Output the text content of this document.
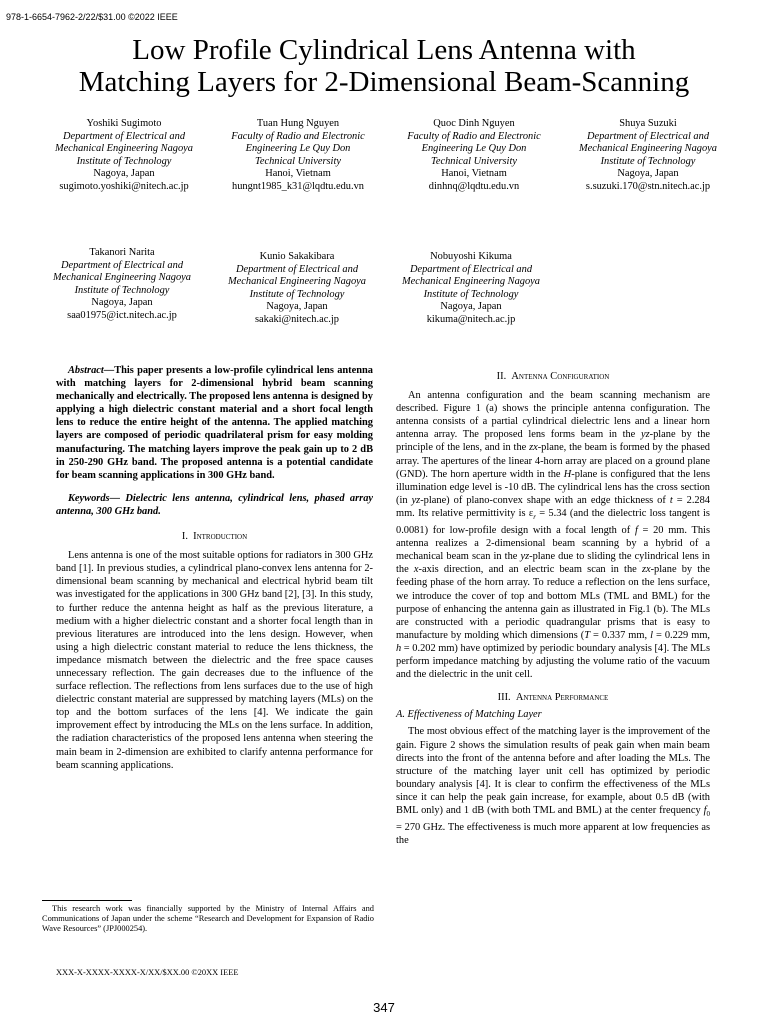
978-1-6654-7962-2/22/$31.00 ©2022 IEEE
Low Profile Cylindrical Lens Antenna with
Matching Layers for 2-Dimensional Beam-Scanning
Yoshiki Sugimoto
Department of Electrical and Mechanical Engineering Nagoya Institute of Technology
Nagoya, Japan
sugimoto.yoshiki@nitech.ac.jp
Tuan Hung Nguyen
Faculty of Radio and Electronic Engineering Le Quy Don Technical University
Hanoi, Vietnam
hungnt1985_k31@lqdtu.edu.vn
Quoc Dinh Nguyen
Faculty of Radio and Electronic Engineering Le Quy Don Technical University
Hanoi, Vietnam
dinhnq@lqdtu.edu.vn
Shuya Suzuki
Department of Electrical and Mechanical Engineering Nagoya Institute of Technology
Nagoya, Japan
s.suzuki.170@stn.nitech.ac.jp
Takanori Narita
Department of Electrical and Mechanical Engineering Nagoya Institute of Technology
Nagoya, Japan
saa01975@ict.nitech.ac.jp
Kunio Sakakibara
Department of Electrical and Mechanical Engineering Nagoya Institute of Technology
Nagoya, Japan
sakaki@nitech.ac.jp
Nobuyoshi Kikuma
Department of Electrical and Mechanical Engineering Nagoya Institute of Technology
Nagoya, Japan
kikuma@nitech.ac.jp

Abstract—This paper presents a low-profile cylindrical lens antenna with matching layers for 2-dimensional hybrid beam scanning mechanically and electrically. The proposed lens antenna is designed by applying a high dielectric constant material and a short focal length lens to reduce the entire height of the antenna. The applied matching layers are composed of periodic quadrilateral prism for easy molding manufacturing. The matching layers improve the peak gain up to 2 dB in 250-290 GHz band. The proposed antenna is a potential candidate for beam scanning applications in 300 GHz band.

Keywords— Dielectric lens antenna, cylindrical lens, phased array antenna, 300 GHz band.

I. Introduction

Lens antenna is one of the most suitable options for radiators in 300 GHz band [1]. In previous studies, a cylindrical plano-convex lens antenna for 2-dimensional beam scanning by mechanical and electrical hybrid beam tilt was investigated for the applications in 300 GHz band [2], [3]. In this study, to further reduce the antenna height as half as the previous literature, a medium with a higher dielectric constant and a shorter focal length than in previous literatures are introduced into the lens design. However, when using a high dielectric constant material to reduce the lens thickness, the impedance mismatch between the dielectric and the free space causes unnecessary reflection. The gain decreases due to the influence of the surface reflection. The reflections from lens surfaces due to the use of high dielectric constant material are suppressed by matching layers (MLs) on the top and the bottom surfaces of the lens [4]. We indicate the gain improvement effect by introducing the MLs on the lens surface. In addition, the radiation characteristics of the proposed lens antenna when steering the main beam in 2-dimension are exhibited to clarify antenna performance for beam scanning applications.

This research work was financially supported by the Ministry of Internal Affairs and Communications of Japan under the scheme “Research and Development for Expansion of Radio Wave Resources” (JPJ000254).

II. Antenna Configuration

An antenna configuration and the beam scanning mechanism are described. Figure 1 (a) shows the principle antenna configuration. The antenna consists of a partial cylindrical dielectric lens and a linear horn antenna array. The proposed lens forms beam in the yz-plane by the principle of the lens, and in the zx-plane, the beam is formed by the phased array. The apertures of the linear 4-horn array are placed on a ground plane (GND). The horn aperture width in the H-plane is configured that the lens illumination edge level is -10 dB. The cylindrical lens has the cross section (in yz-plane) of plano-convex shape with an edge thickness of t = 2.284 mm. Its relative permittivity is $\varepsilon_r = 5.34$ (and the dielectric loss tangent is 0.0081) for low-profile design with a focal length of f = 20 mm. This antenna realizes a 2-dimensional beam scanning by a hybrid of a mechanical beam scan in the yz-plane due to sliding the cylindrical lens in the x-axis direction, and an electric beam scan in the zx-plane by the feeding phase of the horn array. To reduce a reflection on the lens surface, we introduce the cover of top and bottom MLs (TML and BML) for the purpose of enhancing the antenna gain as illustrated in Fig.1 (b). The MLs are constructed with a periodic quadrangular prisms that is easy to manufacture by molding which dimensions (T = 0.337 mm, l = 0.229 mm, h = 0.202 mm) have optimized by periodic boundary analysis [4]. The MLs perform impedance matching by adjusting the volume ratio of the vacuum and the dielectric in the unit cell.

III. Antenna Performance

A. Effectiveness of Matching Layer

The most obvious effect of the matching layer is the improvement of the gain. Figure 2 shows the simulation results of peak gain when main beam directs into the front of the antenna before and after loading the MLs. The structure of the matching layer unit cell has optimized by periodic boundary analysis [4]. It is clear to confirm the effectiveness of the MLs since it can help the peak gain increase, for example, about 0.5 dB (with BML only) and 1 dB (with both TML and BML) at the center frequency $f_0 = 270$ GHz. The effectiveness is much more apparent at low frequencies as the

XXX-X-XXXX-XXXX-X/XX/$XX.00 ©20XX IEEE
347
